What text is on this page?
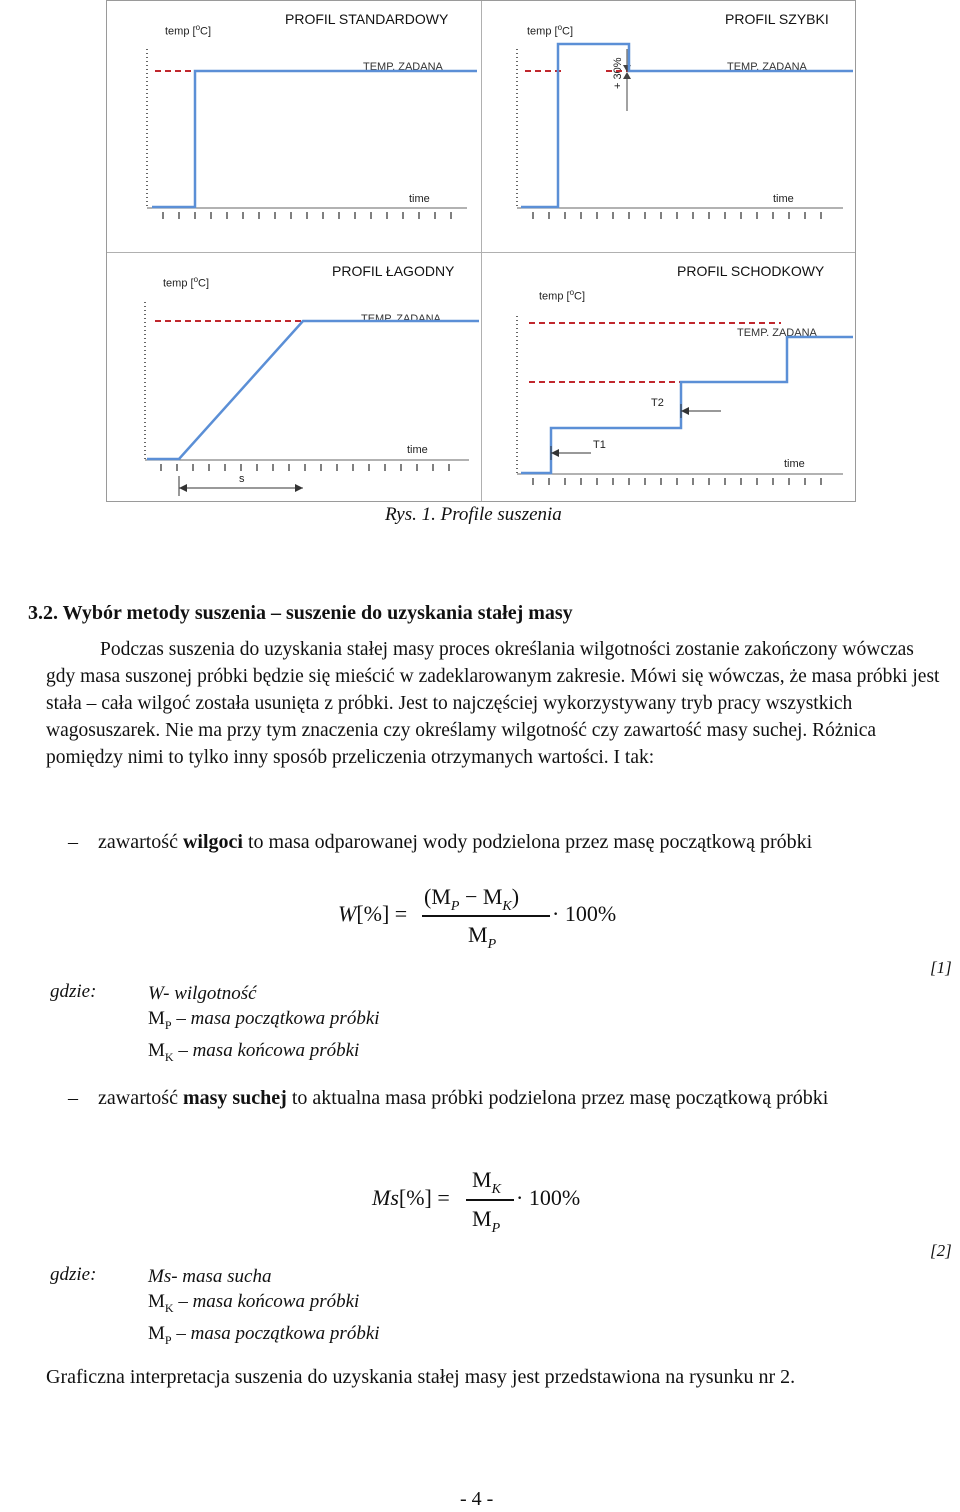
PROFIL STANDARDOWY
temp [$^o$C]
TEMP. ZADANA
time
PROFIL SZYBKI
temp [$^o$C]
TEMP. ZADANA
time
+ 30%
PROFIL ŁAGODNY
temp [$^o$C]
TEMP. ZADANA
time
s
PROFIL SCHODKOWY
temp [$^o$C]
TEMP. ZADANA
time
T1
T2
Rys. 1. Profile suszenia
3.2. Wybór metody suszenia – suszenie do uzyskania stałej masy

Podczas suszenia do uzyskania stałej masy proces określania wilgotności zostanie zakończony wówczas gdy masa suszonej próbki będzie się mieścić w zadeklarowanym zakresie. Mówi się wówczas, że masa próbki jest stała – cała wilgoć została usunięta z próbki. Jest to najczęściej wykorzystywany tryb pracy wszystkich wagosuszarek. Nie ma przy tym znaczenia czy określamy wilgotność czy zawartość masy suchej. Różnica pomiędzy nimi to tylko inny sposób przeliczenia otrzymanych wartości. I tak:

– zawartość wilgoci to masa odparowanej wody podzielona przez masę początkową próbki
W[%] =
$(M_P - M_K)$
$M_P$
· 100%
[1]
gdzie:	W- wilgotność
$M_P$ – masa początkowa próbki
$M_K$ – masa końcowa próbki
– zawartość masy suchej to aktualna masa próbki podzielona przez masę początkową próbki
Ms[%] =
$M_K$
$M_P$
· 100%
[2]
gdzie:	Ms- masa sucha
$M_K$ – masa końcowa próbki
$M_P$ – masa początkowa próbki

Graficzna interpretacja suszenia do uzyskania stałej masy jest przedstawiona na rysunku nr 2.

- 4 -
